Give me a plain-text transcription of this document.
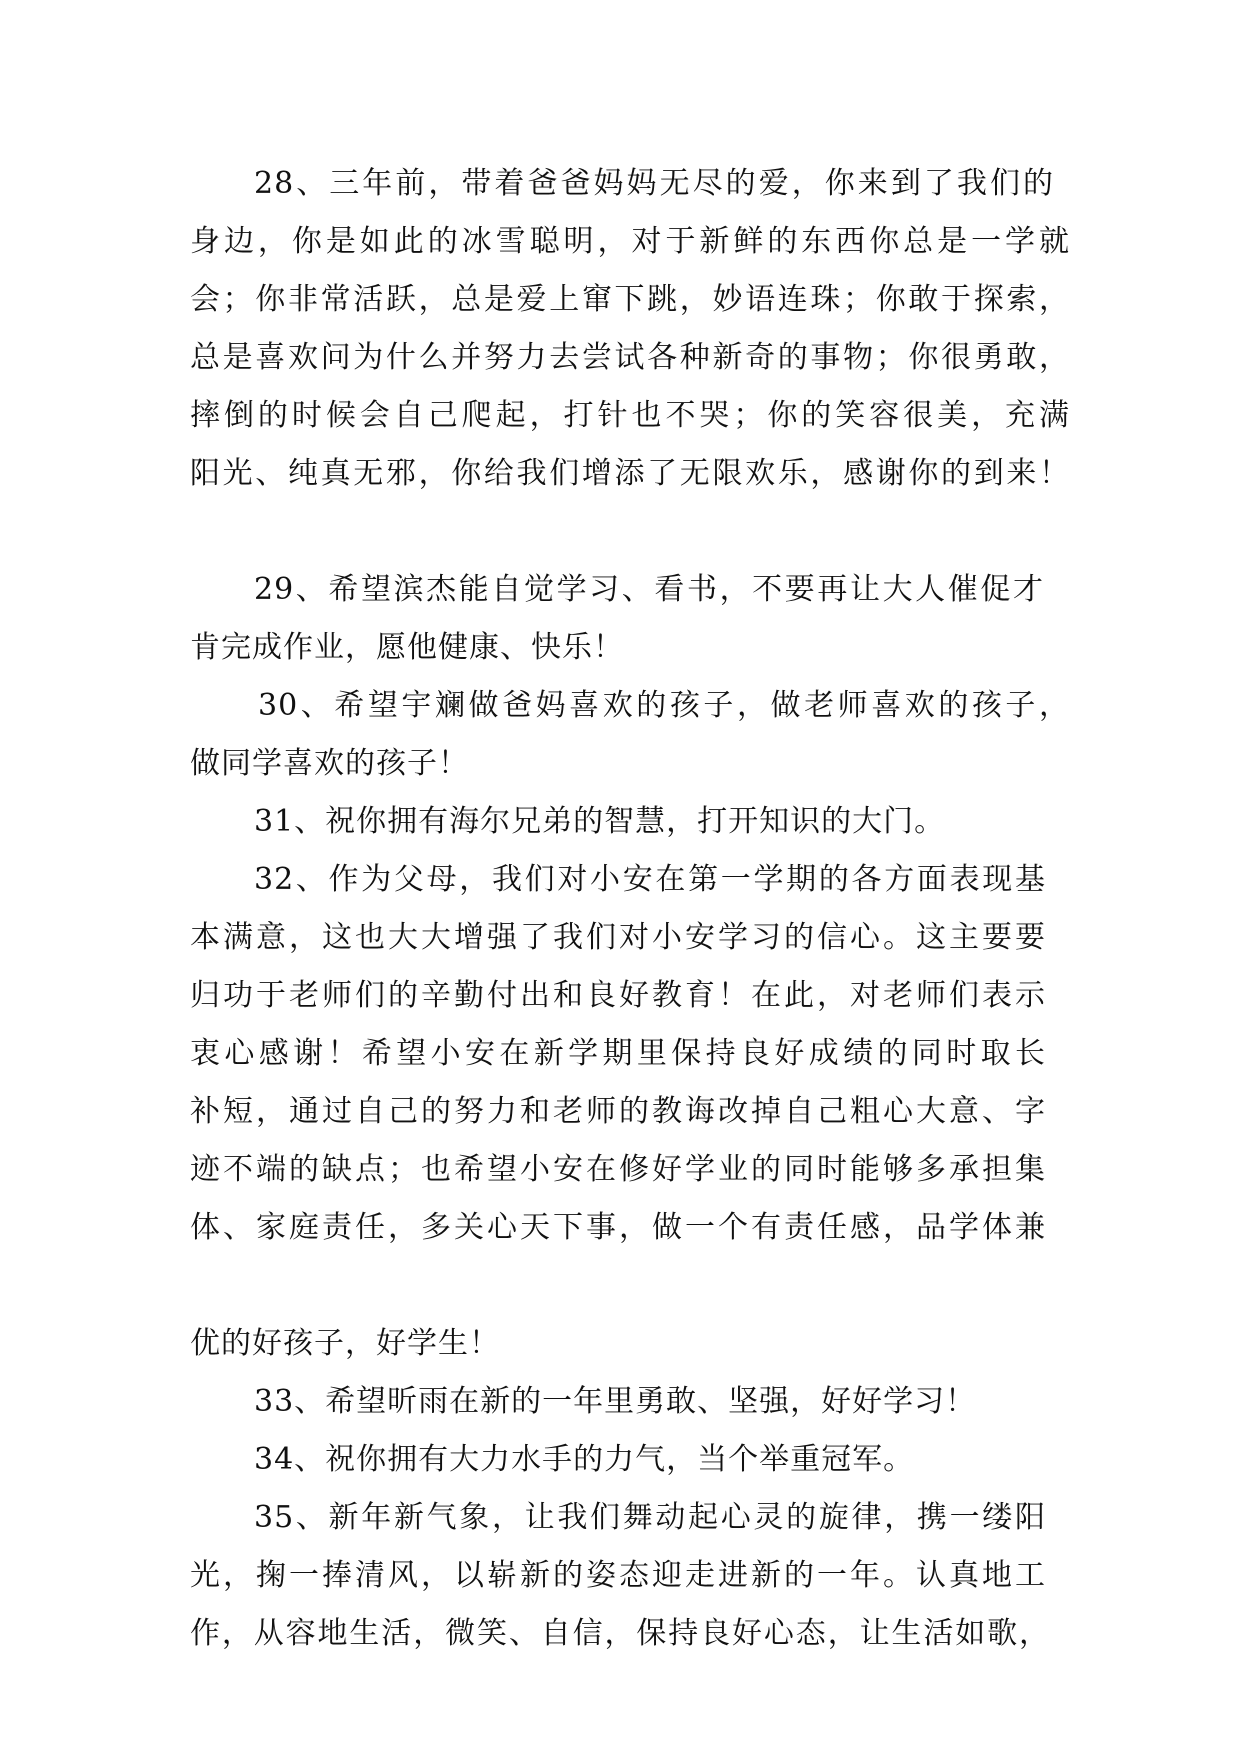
28、三年前，带着爸爸妈妈无尽的爱，你来到了我们的
身边，你是如此的冰雪聪明，对于新鲜的东西你总是一学就
会；你非常活跃，总是爱上窜下跳，妙语连珠；你敢于探索，
总是喜欢问为什么并努力去尝试各种新奇的事物；你很勇敢，
摔倒的时候会自己爬起，打针也不哭；你的笑容很美，充满
阳光、纯真无邪，你给我们增添了无限欢乐，感谢你的到来！
29、希望滨杰能自觉学习、看书，不要再让大人催促才
肯完成作业，愿他健康、快乐！
30、希望宇斓做爸妈喜欢的孩子，做老师喜欢的孩子，
做同学喜欢的孩子！
31、祝你拥有海尔兄弟的智慧，打开知识的大门。
32、作为父母，我们对小安在第一学期的各方面表现基
本满意，这也大大增强了我们对小安学习的信心。这主要要
归功于老师们的辛勤付出和良好教育！在此，对老师们表示
衷心感谢！希望小安在新学期里保持良好成绩的同时取长
补短，通过自己的努力和老师的教诲改掉自己粗心大意、字
迹不端的缺点；也希望小安在修好学业的同时能够多承担集
体、家庭责任，多关心天下事，做一个有责任感，品学体兼
优的好孩子，好学生！
33、希望昕雨在新的一年里勇敢、坚强，好好学习！
34、祝你拥有大力水手的力气，当个举重冠军。
35、新年新气象，让我们舞动起心灵的旋律，携一缕阳
光，掬一捧清风，以崭新的姿态迎走进新的一年。认真地工
作，从容地生活，微笑、自信，保持良好心态，让生活如歌，
